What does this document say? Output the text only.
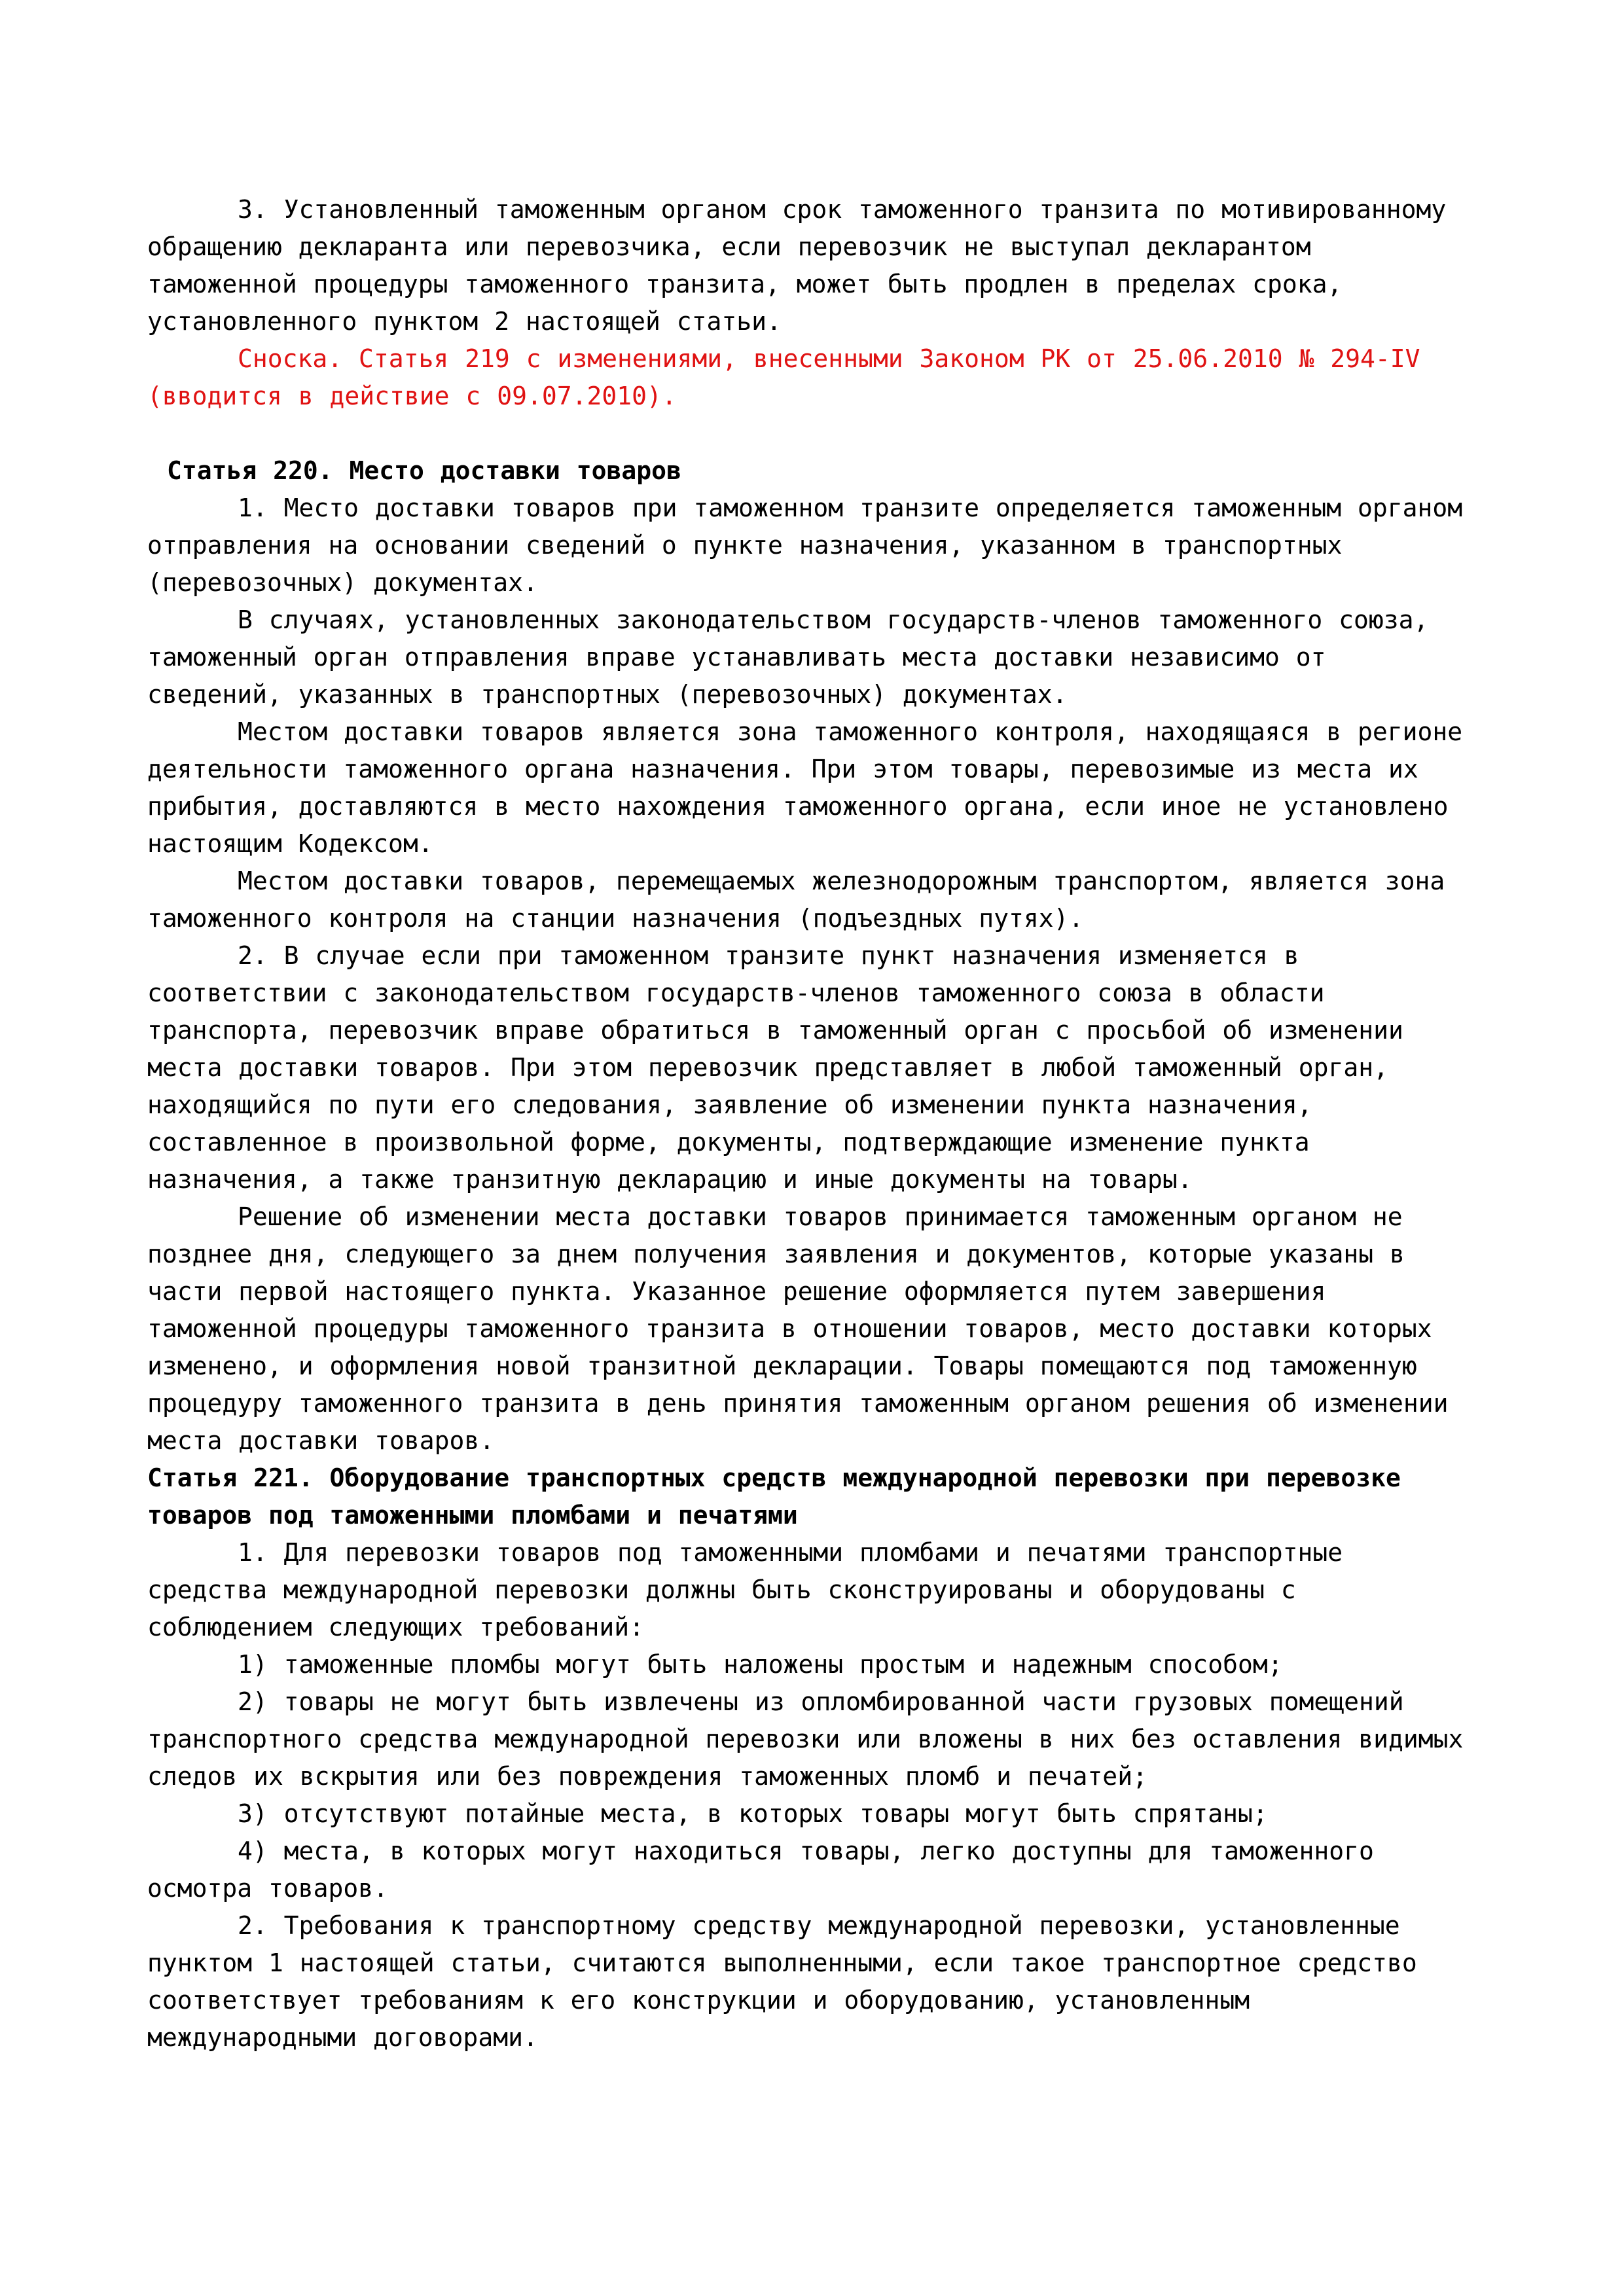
3. Установленный таможенным органом срок таможенного транзита по мотивированному обращению декларанта или перевозчика, если перевозчик не выступал декларантом таможенной процедуры таможенного транзита, может быть продлен в пределах срока, установленного пунктом 2 настоящей статьи.

Сноска. Статья 219 с изменениями, внесенными Законом РК от 25.06.2010 № 294-IV (вводится в действие с 09.07.2010).

Статья 220. Место доставки товаров

1. Место доставки товаров при таможенном транзите определяется таможенным органом отправления на основании сведений о пункте назначения, указанном в транспортных (перевозочных) документах.

В случаях, установленных законодательством государств-членов таможенного союза, таможенный орган отправления вправе устанавливать места доставки независимо от сведений, указанных в транспортных (перевозочных) документах.

Местом доставки товаров является зона таможенного контроля, находящаяся в регионе деятельности таможенного органа назначения. При этом товары, перевозимые из места их прибытия, доставляются в место нахождения таможенного органа, если иное не установлено настоящим Кодексом.

Местом доставки товаров, перемещаемых железнодорожным транспортом, является зона таможенного контроля на станции назначения (подъездных путях).

2. В случае если при таможенном транзите пункт назначения изменяется в соответствии с законодательством государств-членов таможенного союза в области транспорта, перевозчик вправе обратиться в таможенный орган с просьбой об изменении места доставки товаров. При этом перевозчик представляет в любой таможенный орган, находящийся по пути его следования, заявление об изменении пункта назначения, составленное в произвольной форме, документы, подтверждающие изменение пункта назначения, а также транзитную декларацию и иные документы на товары.

Решение об изменении места доставки товаров принимается таможенным органом не позднее дня, следующего за днем получения заявления и документов, которые указаны в части первой настоящего пункта. Указанное решение оформляется путем завершения таможенной процедуры таможенного транзита в отношении товаров, место доставки которых изменено, и оформления новой транзитной декларации. Товары помещаются под таможенную процедуру таможенного транзита в день принятия таможенным органом решения об изменении места доставки товаров.

Статья 221. Оборудование транспортных средств международной перевозки при перевозке товаров под таможенными пломбами и печатями

1. Для перевозки товаров под таможенными пломбами и печатями транспортные средства международной перевозки должны быть сконструированы и оборудованы с соблюдением следующих требований:

1) таможенные пломбы могут быть наложены простым и надежным способом;

2) товары не могут быть извлечены из опломбированной части грузовых помещений транспортного средства международной перевозки или вложены в них без оставления видимых следов их вскрытия или без повреждения таможенных пломб и печатей;

3) отсутствуют потайные места, в которых товары могут быть спрятаны;

4) места, в которых могут находиться товары, легко доступны для таможенного осмотра товаров.

2. Требования к транспортному средству международной перевозки, установленные пунктом 1 настоящей статьи, считаются выполненными, если такое транспортное средство соответствует требованиям к его конструкции и оборудованию, установленным международными договорами.
